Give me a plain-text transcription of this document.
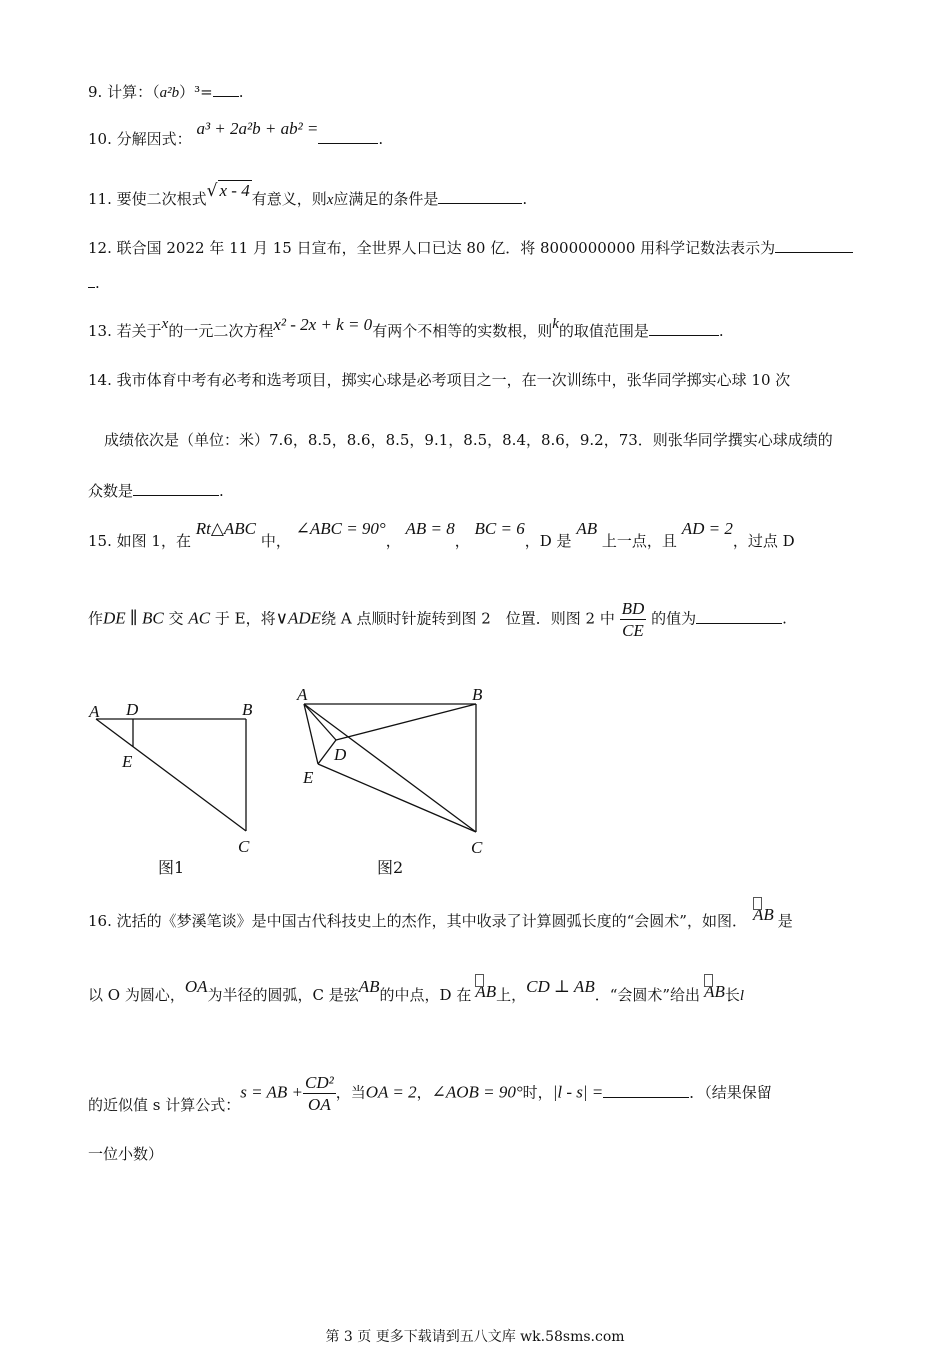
9. 计算：（a²b）³= .
10. 分解因式： a³ + 2a²b + ab² =.
11. 要使二次根式√ x - 4 有意义，则x应满足的条件是	.
12. 联合国 2022 年 11 月 15 日宣布，全世界人口已达 80 亿．将 8000000000 用科学记数法表示为
.
13. 若关于x的一元二次方程x² - 2x + k = 0有两个不相等的实数根，则k的取值范围是	.
14. 我市体育中考有必考和选考项目，掷实心球是必考项目之一，在一次训练中，张华同学掷实心球 10 次
成绩依次是（单位：米）7.6，8.5，8.6，8.5，9.1，8.5，8.4，8.6，9.2，73．则张华同学撰实心球成绩的
众数是	.
15. 如图 1，在 Rt△ABC 中， ∠ABC = 90°， AB = 8， BC = 6，D 是 AB 上一点，且 AD = 2，过点 D
作DE ∥ BC 交 AC 于 E，将∨ADE绕 A 点顺时针旋转到图 2　位置．则图 2 中 $\frac{BD}{CE}$ 的值为	.
A D	B
E
C
图1
A	B
D
E
C
图2
16. 沈括的《梦溪笔谈》是中国古代科技史上的杰作，其中收录了计算圆弧长度的“会圆术”，如图． AB 是
以 O 为圆心，OA为半径的圆弧，C 是弦AB的中点，D 在 AB上，CD ⊥ AB．“会圆术”给出 AB长l
的近似值 s 计算公式：s = AB + $\frac{\text{CD²}}{OA}$ ，当OA = 2，∠AOB = 90°时，|l - s| =	．（结果保留
一位小数）
第 3 页 更多下载请到五八文库 wk.58sms.com
